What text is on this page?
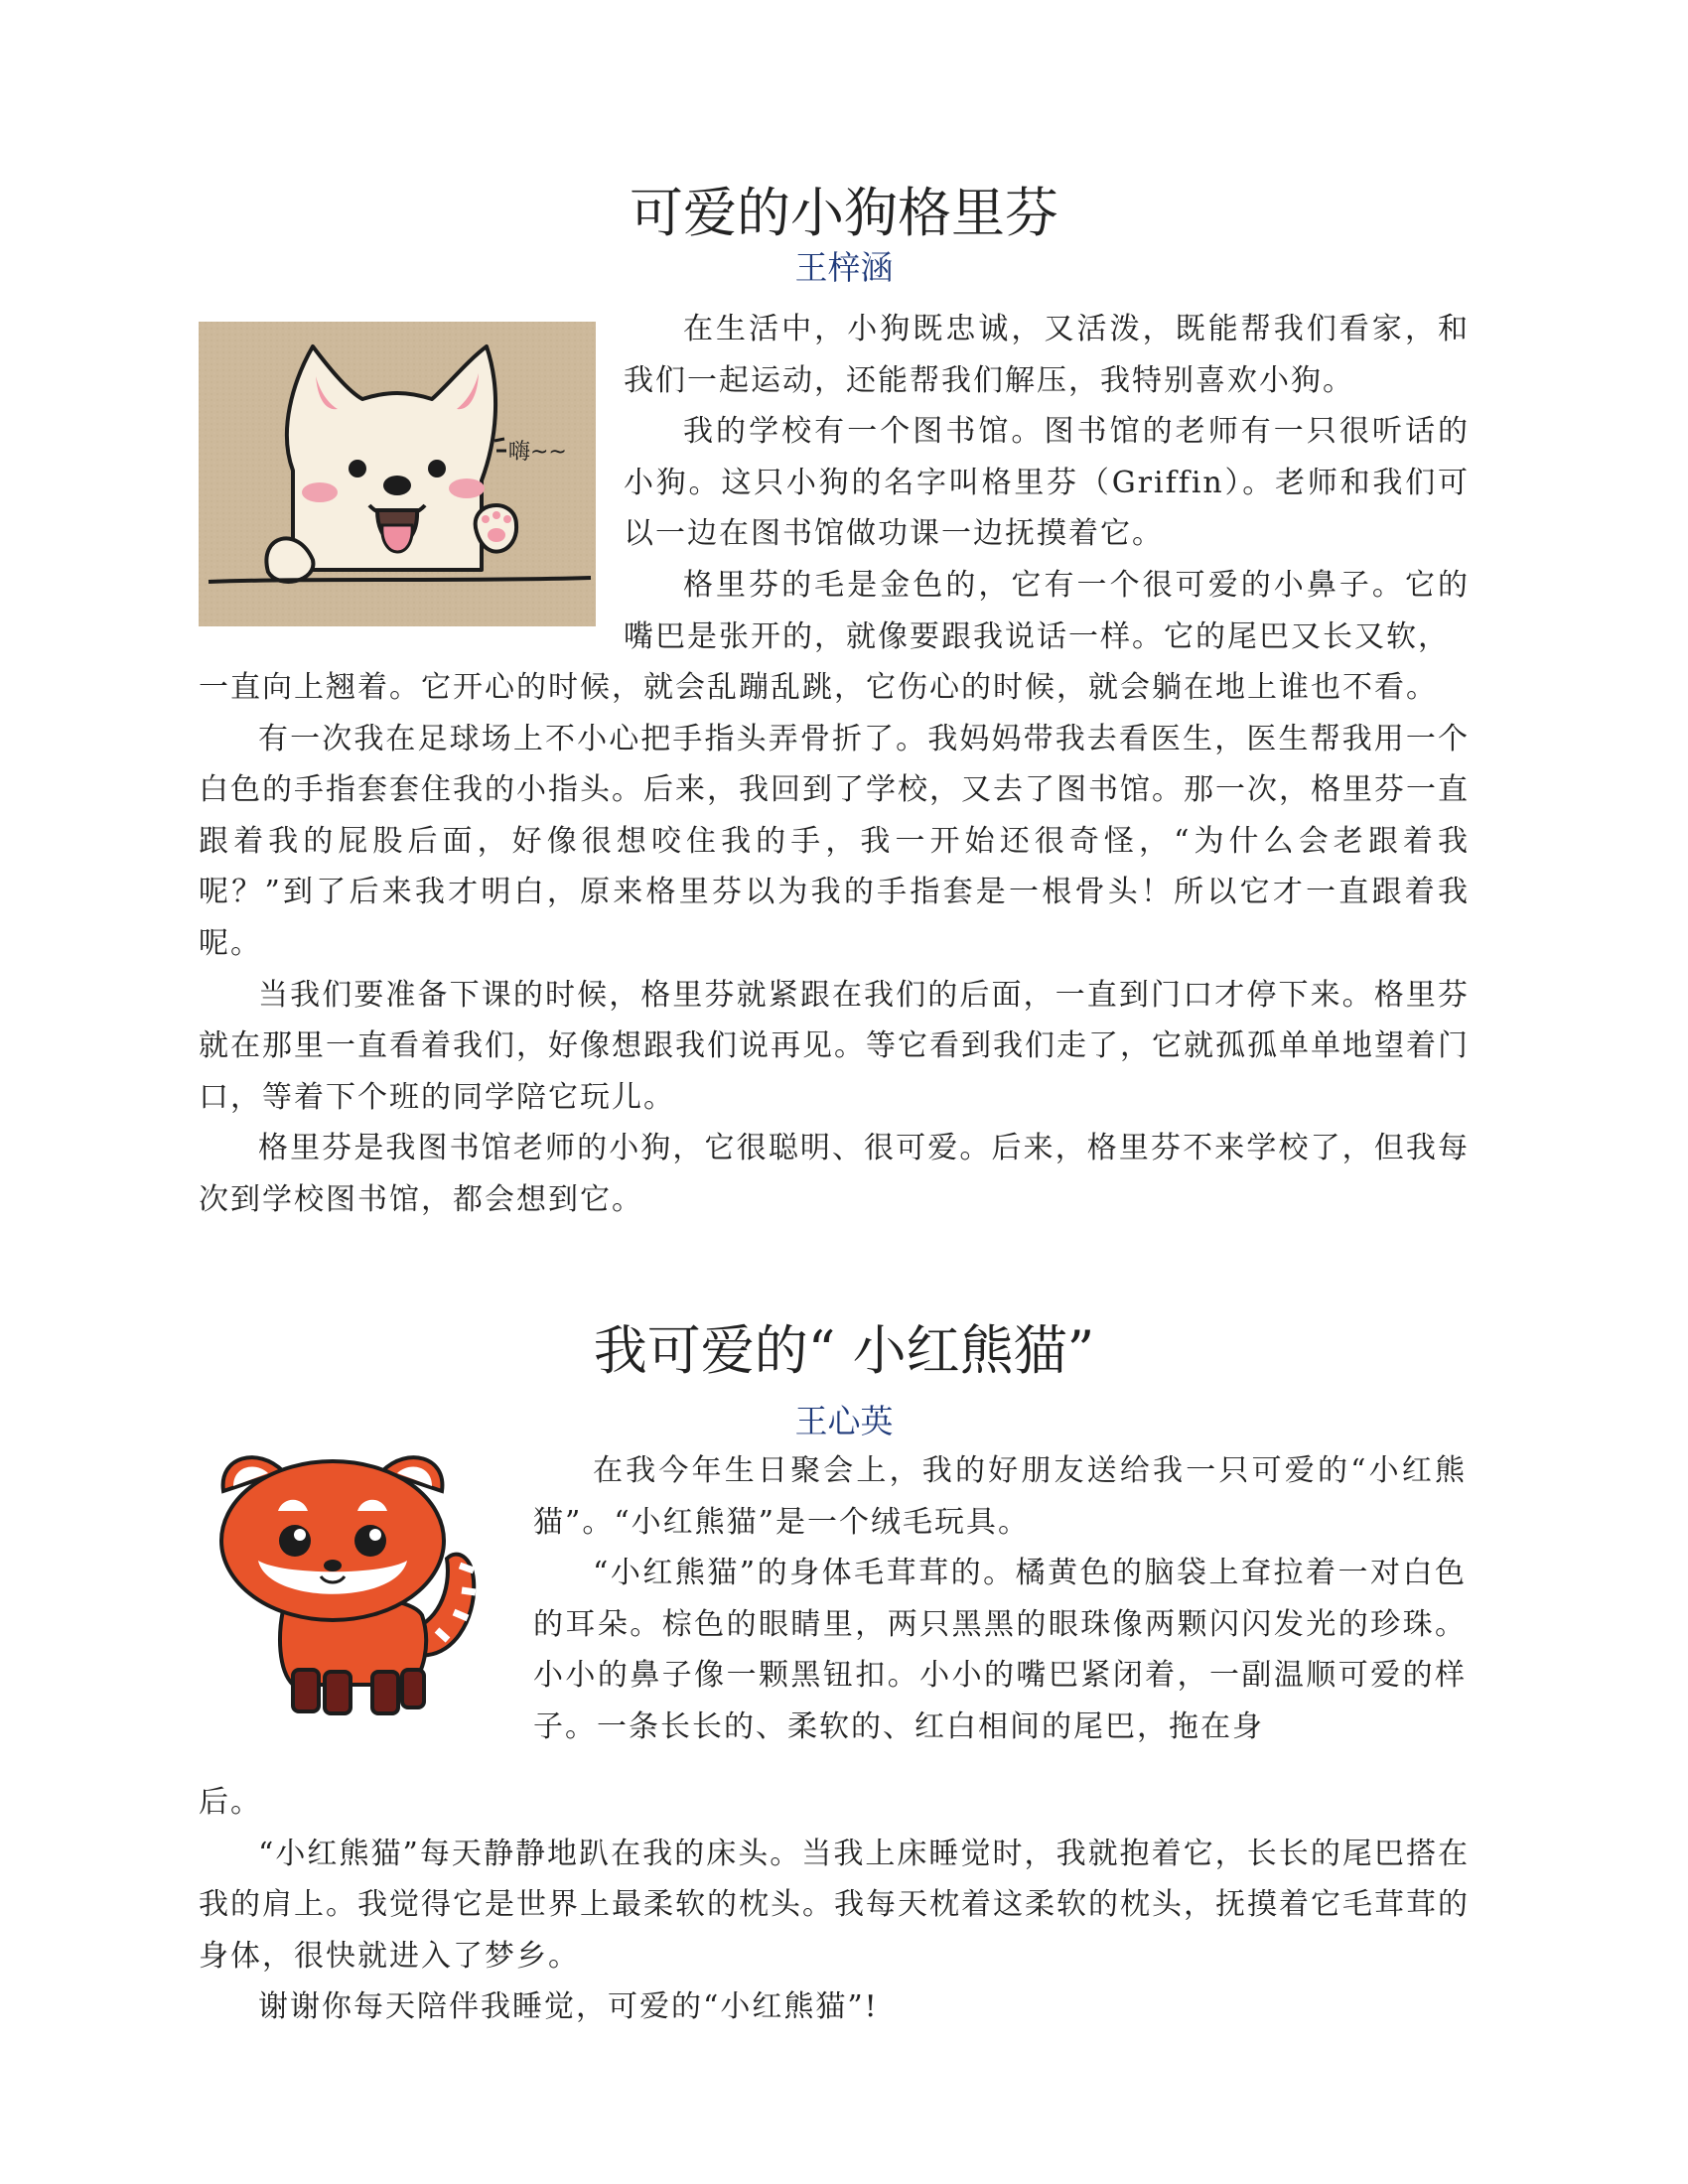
可爱的小狗格里芬
王梓涵
嗨~~

在生活中，小狗既忠诚，又活泼，既能帮我们看家，和我们一起运动，还能帮我们解压，我特别喜欢小狗。

我的学校有一个图书馆。图书馆的老师有一只很听话的小狗。这只小狗的名字叫格里芬（Griffin）。老师和我们可以一边在图书馆做功课一边抚摸着它。

格里芬的毛是金色的，它有一个很可爱的小鼻子。它的嘴巴是张开的，就像要跟我说话一样。它的尾巴又长又软，

一直向上翘着。它开心的时候，就会乱蹦乱跳，它伤心的时候，就会躺在地上谁也不看。

有一次我在足球场上不小心把手指头弄骨折了。我妈妈带我去看医生，医生帮我用一个白色的手指套套住我的小指头。后来，我回到了学校，又去了图书馆。那一次，格里芬一直跟着我的屁股后面，好像很想咬住我的手，我一开始还很奇怪，“为什么会老跟着我呢？”到了后来我才明白，原来格里芬以为我的手指套是一根骨头！所以它才一直跟着我呢。

当我们要准备下课的时候，格里芬就紧跟在我们的后面，一直到门口才停下来。格里芬就在那里一直看着我们，好像想跟我们说再见。等它看到我们走了，它就孤孤单单地望着门口，等着下个班的同学陪它玩儿。

格里芬是我图书馆老师的小狗，它很聪明、很可爱。后来，格里芬不来学校了，但我每次到学校图书馆，都会想到它。

我可爱的“ 小红熊猫”
王心英

在我今年生日聚会上，我的好朋友送给我一只可爱的“小红熊猫”。“小红熊猫”是一个绒毛玩具。

“小红熊猫”的身体毛茸茸的。橘黄色的脑袋上耷拉着一对白色的耳朵。棕色的眼睛里，两只黑黑的眼珠像两颗闪闪发光的珍珠。小小的鼻子像一颗黑钮扣。小小的嘴巴紧闭着，一副温顺可爱的样子。一条长长的、柔软的、红白相间的尾巴，拖在身

后。

“小红熊猫”每天静静地趴在我的床头。当我上床睡觉时，我就抱着它，长长的尾巴搭在我的肩上。我觉得它是世界上最柔软的枕头。我每天枕着这柔软的枕头，抚摸着它毛茸茸的身体，很快就进入了梦乡。

谢谢你每天陪伴我睡觉，可爱的“小红熊猫”!
